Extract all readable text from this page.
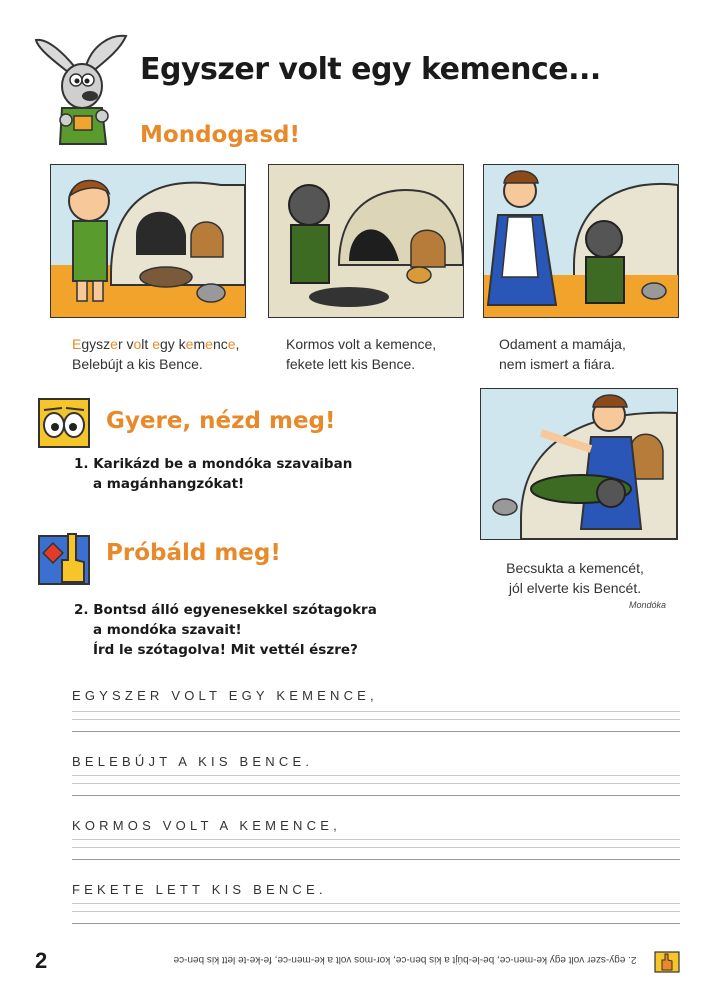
Egyszer volt egy kemence...
Mondogasd!
Egyszer volt egy kemence,
Belebújt a kis Bence.
Kormos volt a kemence,
fekete lett kis Bence.
Odament a mamája,
nem ismert a fiára.
Gyere, nézd meg!
1. Karikázd be a mondóka szavaiban
a magánhangzókat!
Becsukta a kemencét,
jól elverte kis Bencét.
Mondóka
Próbáld meg!
2. Bontsd álló egyenesekkel szótagokra
a mondóka szavait!
Írd le szótagolva! Mit vettél észre?
EGYSZER VOLT EGY KEMENCE,
BELEBÚJT A KIS BENCE.
KORMOS VOLT A KEMENCE,
FEKETE LETT KIS BENCE.
2	2. egy-szer volt egy ke-men-ce, be-le-bújt a kis ben-ce, kor-mos volt a ke-men-ce, fe-ke-te lett kis ben-ce
